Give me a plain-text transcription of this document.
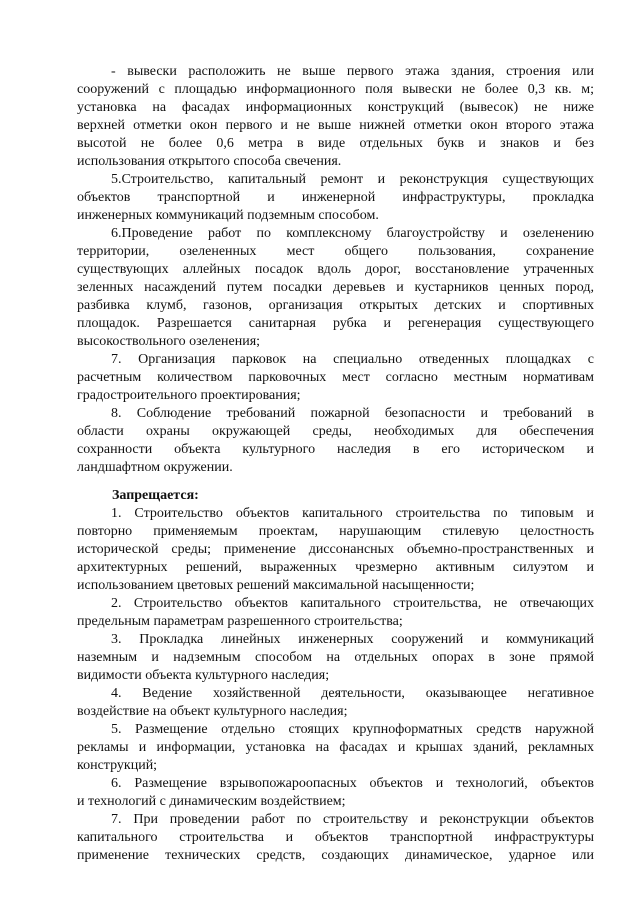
- вывески расположить не выше первого этажа здания, строения или
сооружений с площадью информационного поля вывески не более 0,3 кв. м;
установка на фасадах информационных конструкций (вывесок) не ниже
верхней отметки окон первого и не выше нижней отметки окон второго этажа
высотой не более 0,6 метра в виде отдельных букв и знаков и без
использования открытого способа свечения.
5.Строительство, капитальный ремонт и реконструкция существующих
объектов транспортной и инженерной инфраструктуры, прокладка
инженерных коммуникаций подземным способом.
6.Проведение работ по комплексному благоустройству и озеленению
территории, озелененных мест общего пользования, сохранение
существующих аллейных посадок вдоль дорог, восстановление утраченных
зеленных насаждений путем посадки деревьев и кустарников ценных пород,
разбивка клумб, газонов, организация открытых детских и спортивных
площадок. Разрешается санитарная рубка и регенерация существующего
высокоствольного озеленения;
7. Организация парковок на специально отведенных площадках с
расчетным количеством парковочных мест согласно местным нормативам
градостроительного проектирования;
8. Соблюдение требований пожарной безопасности и требований в
области охраны окружающей среды, необходимых для обеспечения
сохранности объекта культурного наследия в его историческом и
ландшафтном окружении.
Запрещается:
1. Строительство объектов капитального строительства по типовым и
повторно применяемым проектам, нарушающим стилевую целостность
исторической среды; применение диссонансных объемно-пространственных и
архитектурных решений, выраженных чрезмерно активным силуэтом и
использованием цветовых решений максимальной насыщенности;
2. Строительство объектов капитального строительства, не отвечающих
предельным параметрам разрешенного строительства;
3. Прокладка линейных инженерных сооружений и коммуникаций
наземным и надземным способом на отдельных опорах в зоне прямой
видимости объекта культурного наследия;
4. Ведение хозяйственной деятельности, оказывающее негативное
воздействие на объект культурного наследия;
5. Размещение отдельно стоящих крупноформатных средств наружной
рекламы и информации, установка на фасадах и крышах зданий, рекламных
конструкций;
6. Размещение взрывопожароопасных объектов и технологий, объектов
и технологий с динамическим воздействием;
7. При проведении работ по строительству и реконструкции объектов
капитального строительства и объектов транспортной инфраструктуры
применение технических средств, создающих динамическое, ударное или
